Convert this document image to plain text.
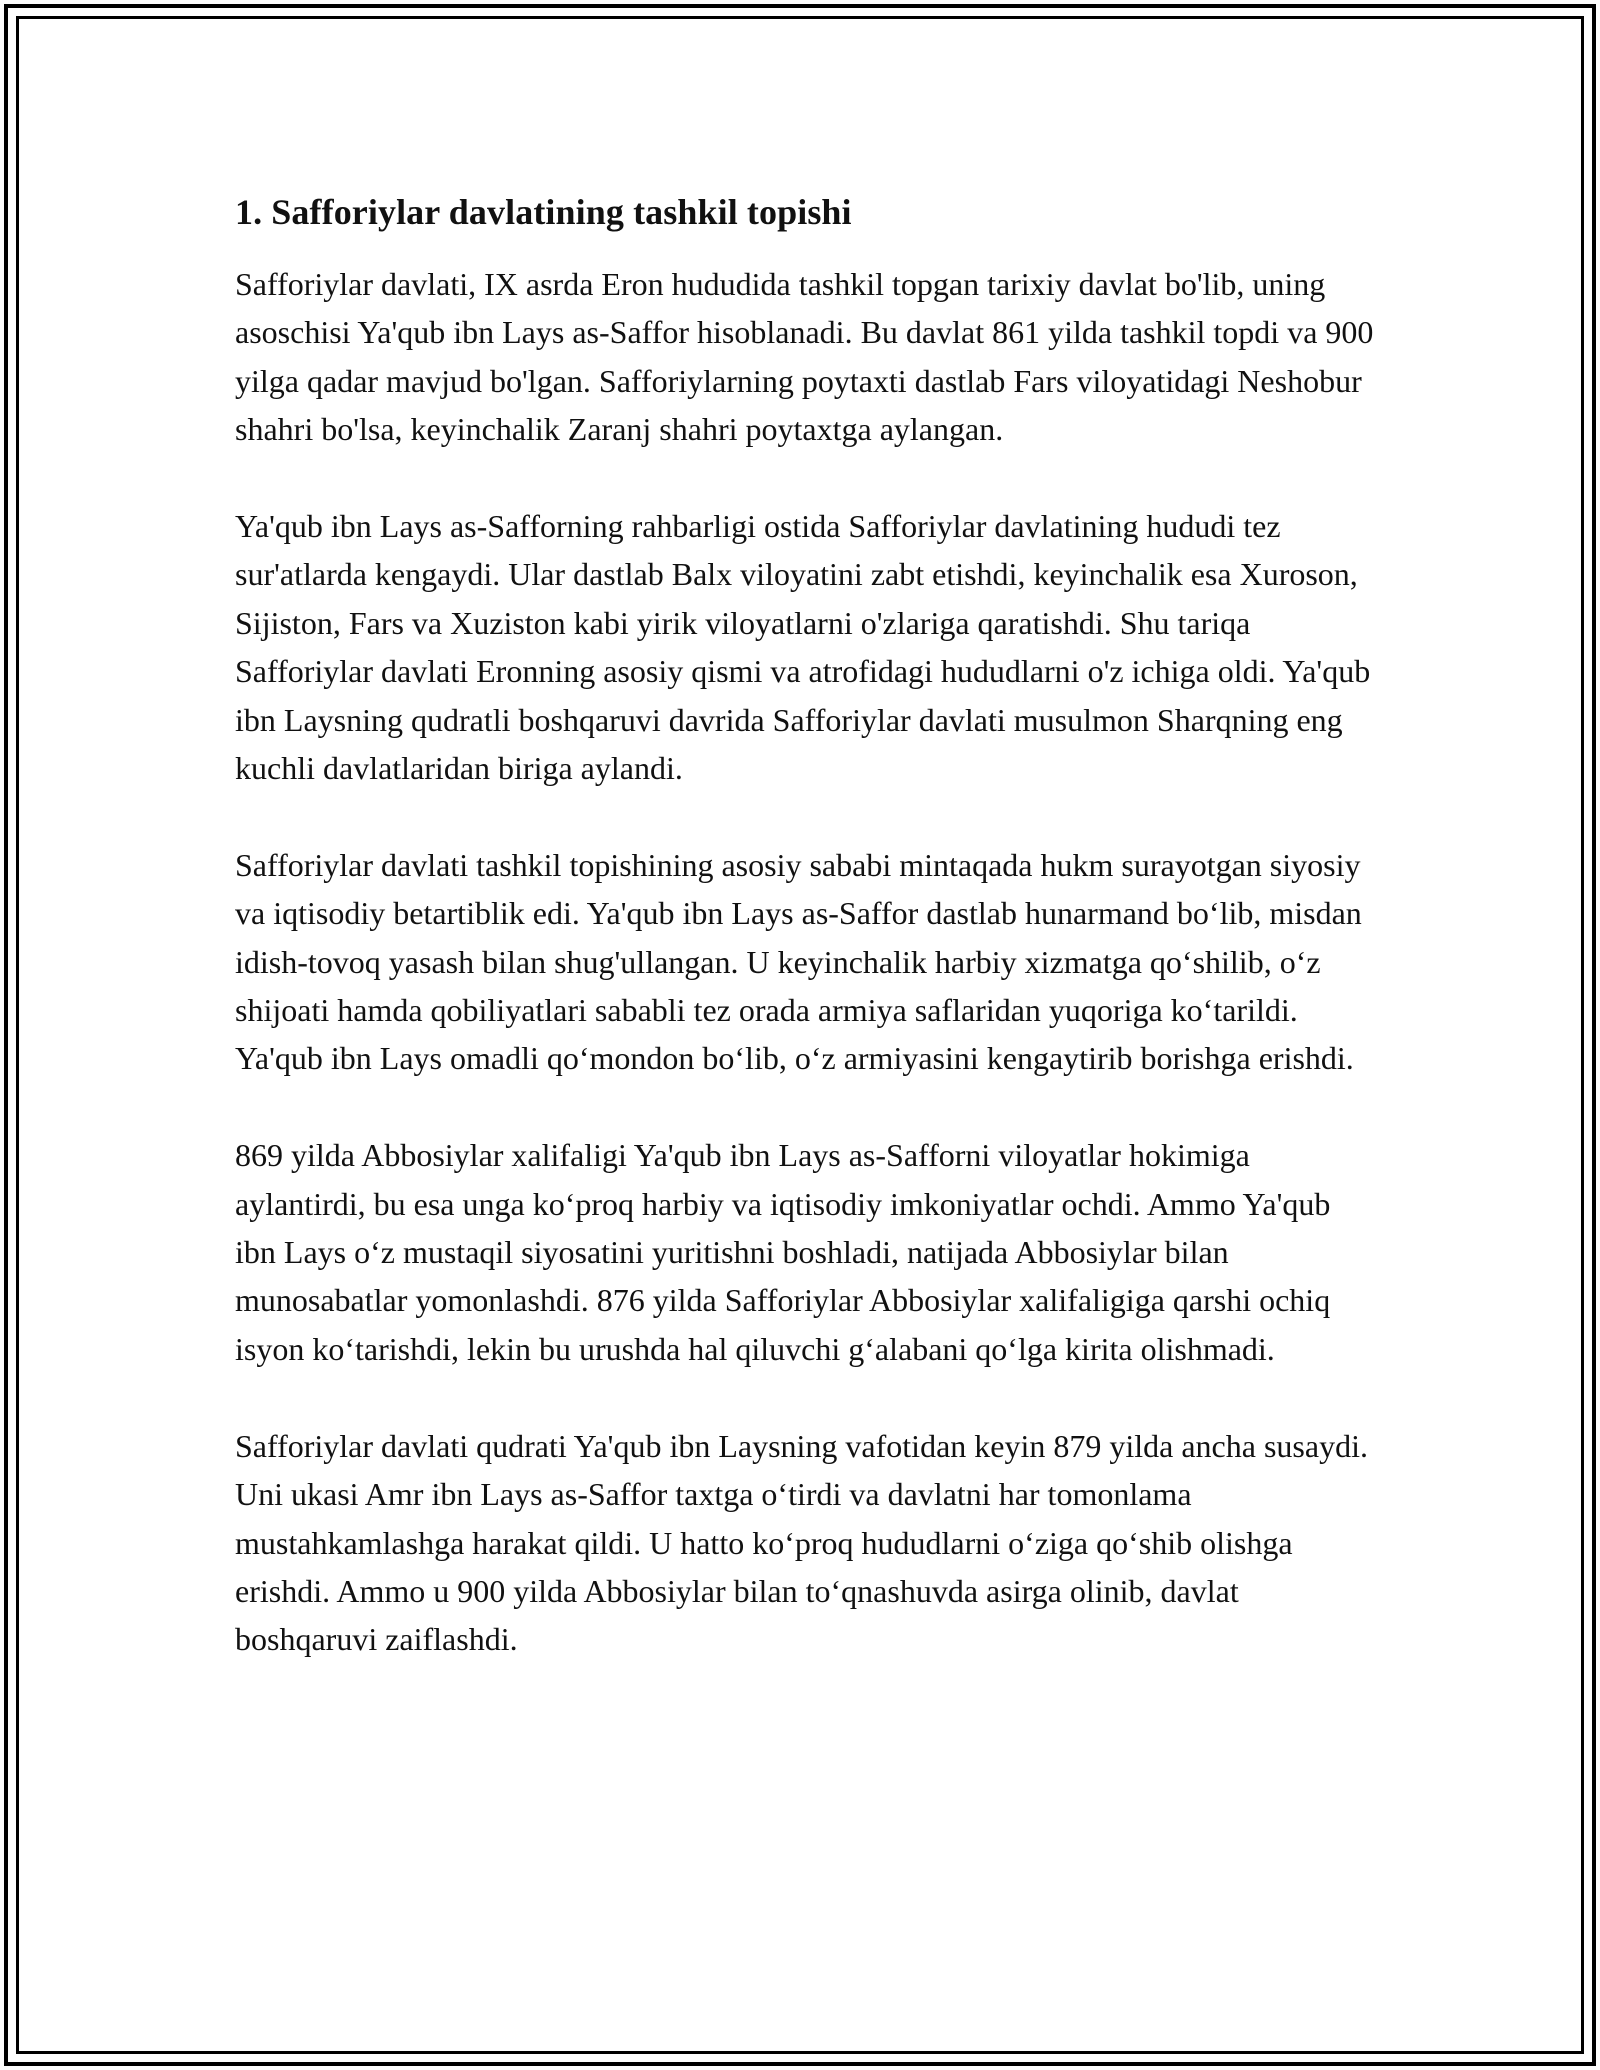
1. Safforiylar davlatining tashkil topishi

Safforiylar davlati, IX asrda Eron hududida tashkil topgan tarixiy davlat bo'lib, uning asoschisi Ya'qub ibn Lays as-Saffor hisoblanadi. Bu davlat 861 yilda tashkil topdi va 900 yilga qadar mavjud bo'lgan. Safforiylarning poytaxti dastlab Fars viloyatidagi Neshobur shahri bo'lsa, keyinchalik Zaranj shahri poytaxtga aylangan.

Ya'qub ibn Lays as-Safforning rahbarligi ostida Safforiylar davlatining hududi tez sur'atlarda kengaydi. Ular dastlab Balx viloyatini zabt etishdi, keyinchalik esa Xuroson, Sijiston, Fars va Xuziston kabi yirik viloyatlarni o'zlariga qaratishdi. Shu tariqa Safforiylar davlati Eronning asosiy qismi va atrofidagi hududlarni o'z ichiga oldi. Ya'qub ibn Laysning qudratli boshqaruvi davrida Safforiylar davlati musulmon Sharqning eng kuchli davlatlaridan biriga aylandi.

Safforiylar davlati tashkil topishining asosiy sababi mintaqada hukm surayotgan siyosiy va iqtisodiy betartiblik edi. Ya'qub ibn Lays as-Saffor dastlab hunarmand bo‘lib, misdan idish-tovoq yasash bilan shug'ullangan. U keyinchalik harbiy xizmatga qo‘shilib, o‘z shijoati hamda qobiliyatlari sababli tez orada armiya saflaridan yuqoriga ko‘tarildi. Ya'qub ibn Lays omadli qo‘mondon bo‘lib, o‘z armiyasini kengaytirib borishga erishdi.

869 yilda Abbosiylar xalifaligi Ya'qub ibn Lays as-Safforni viloyatlar hokimiga aylantirdi, bu esa unga ko‘proq harbiy va iqtisodiy imkoniyatlar ochdi. Ammo Ya'qub ibn Lays o‘z mustaqil siyosatini yuritishni boshladi, natijada Abbosiylar bilan munosabatlar yomonlashdi. 876 yilda Safforiylar Abbosiylar xalifaligiga qarshi ochiq isyon ko‘tarishdi, lekin bu urushda hal qiluvchi g‘alabani qo‘lga kirita olishmadi.

Safforiylar davlati qudrati Ya'qub ibn Laysning vafotidan keyin 879 yilda ancha susaydi. Uni ukasi Amr ibn Lays as-Saffor taxtga o‘tirdi va davlatni har tomonlama mustahkamlashga harakat qildi. U hatto ko‘proq hududlarni o‘ziga qo‘shib olishga erishdi. Ammo u 900 yilda Abbosiylar bilan to‘qnashuvda asirga olinib, davlat boshqaruvi zaiflashdi.
